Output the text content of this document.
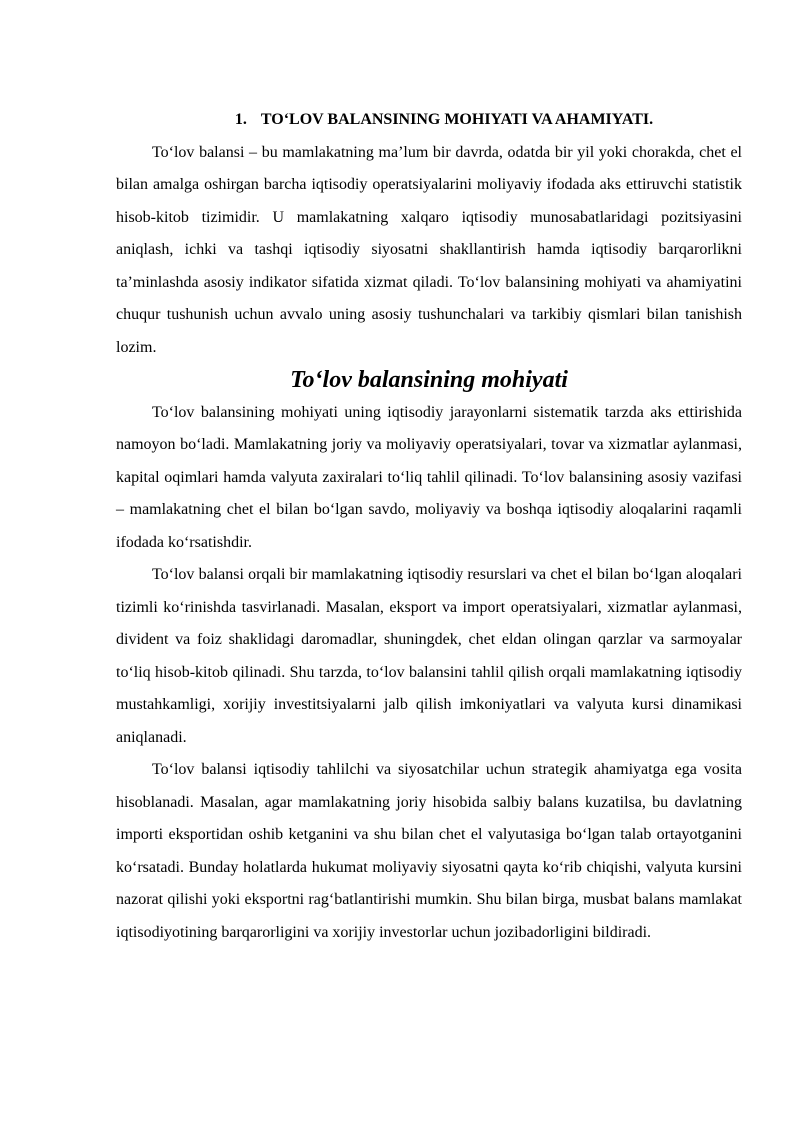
1. TO‘LOV BALANSINING MOHIYATI VA AHAMIYATI.

To‘lov balansi – bu mamlakatning ma’lum bir davrda, odatda bir yil yoki chorakda, chet el bilan amalga oshirgan barcha iqtisodiy operatsiyalarini moliyaviy ifodada aks ettiruvchi statistik hisob-kitob tizimidir. U mamlakatning xalqaro iqtisodiy munosabatlaridagi pozitsiyasini aniqlash, ichki va tashqi iqtisodiy siyosatni shakllantirish hamda iqtisodiy barqarorlikni ta’minlashda asosiy indikator sifatida xizmat qiladi. To‘lov balansining mohiyati va ahamiyatini chuqur tushunish uchun avvalo uning asosiy tushunchalari va tarkibiy qismlari bilan tanishish lozim.

To‘lov balansining mohiyati

To‘lov balansining mohiyati uning iqtisodiy jarayonlarni sistematik tarzda aks ettirishida namoyon bo‘ladi. Mamlakatning joriy va moliyaviy operatsiyalari, tovar va xizmatlar aylanmasi, kapital oqimlari hamda valyuta zaxiralari to‘liq tahlil qilinadi. To‘lov balansining asosiy vazifasi – mamlakatning chet el bilan bo‘lgan savdo, moliyaviy va boshqa iqtisodiy aloqalarini raqamli ifodada ko‘rsatishdir.

To‘lov balansi orqali bir mamlakatning iqtisodiy resurslari va chet el bilan bo‘lgan aloqalari tizimli ko‘rinishda tasvirlanadi. Masalan, eksport va import operatsiyalari, xizmatlar aylanmasi, divident va foiz shaklidagi daromadlar, shuningdek, chet eldan olingan qarzlar va sarmoyalar to‘liq hisob-kitob qilinadi. Shu tarzda, to‘lov balansini tahlil qilish orqali mamlakatning iqtisodiy mustahkamligi, xorijiy investitsiyalarni jalb qilish imkoniyatlari va valyuta kursi dinamikasi aniqlanadi.

To‘lov balansi iqtisodiy tahlilchi va siyosatchilar uchun strategik ahamiyatga ega vosita hisoblanadi. Masalan, agar mamlakatning joriy hisobida salbiy balans kuzatilsa, bu davlatning importi eksportidan oshib ketganini va shu bilan chet el valyutasiga bo‘lgan talab ortayotganini ko‘rsatadi. Bunday holatlarda hukumat moliyaviy siyosatni qayta ko‘rib chiqishi, valyuta kursini nazorat qilishi yoki eksportni rag‘batlantirishi mumkin. Shu bilan birga, musbat balans mamlakat iqtisodiyotining barqarorligini va xorijiy investorlar uchun jozibadorligini bildiradi.
